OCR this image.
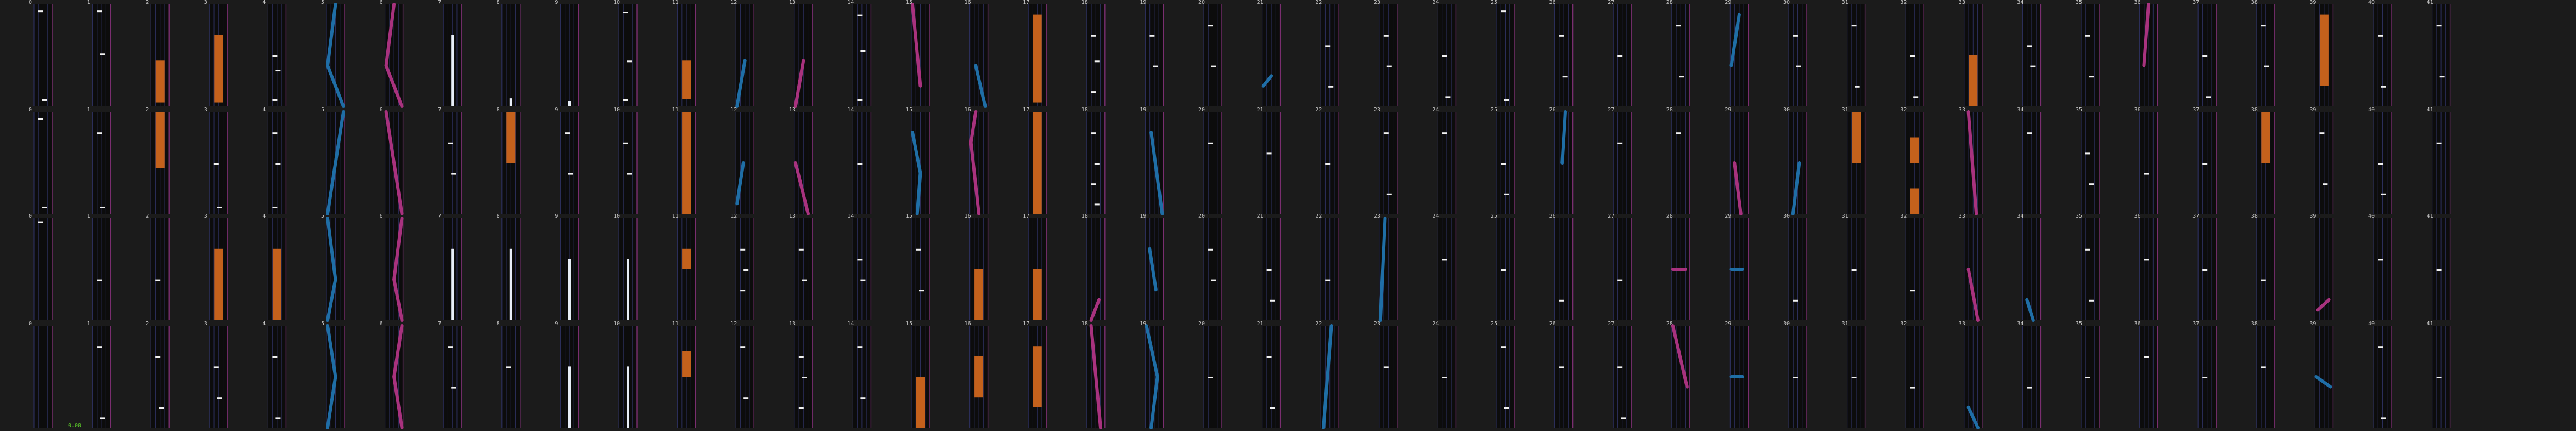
0.00
0	1	2	3	4	5	6	7	8	9	10	11	12	13	14	15	16	17	18	19	20	21	22	23	24	25	26	27	28	29	30	31	32	33	34	35	36	37	38	39	40	41
0	1	2	3	4	5	6	7	8	9	10	11	12	13	14	15	16	17	18	19	20	21	22	23	24	25	26	27	28	29	30	31	32	33	34	35	36	37	38	39	40	41
0	1	2	3	4	5	6	7	8	9	10	11	12	13	14	15	16	17	18	19	20	21	22	23	24	25	26	27	28	29	30	31	32	33	34	35	36	37	38	39	40	41
0	1	2	3	4	5	6	7	8	9	10	11	12	13	14	15	16	17	18	19	20	21	22	23	24	25	26	27	28	29	30	31	32	33	34	35	36	37	38	39	40	41
